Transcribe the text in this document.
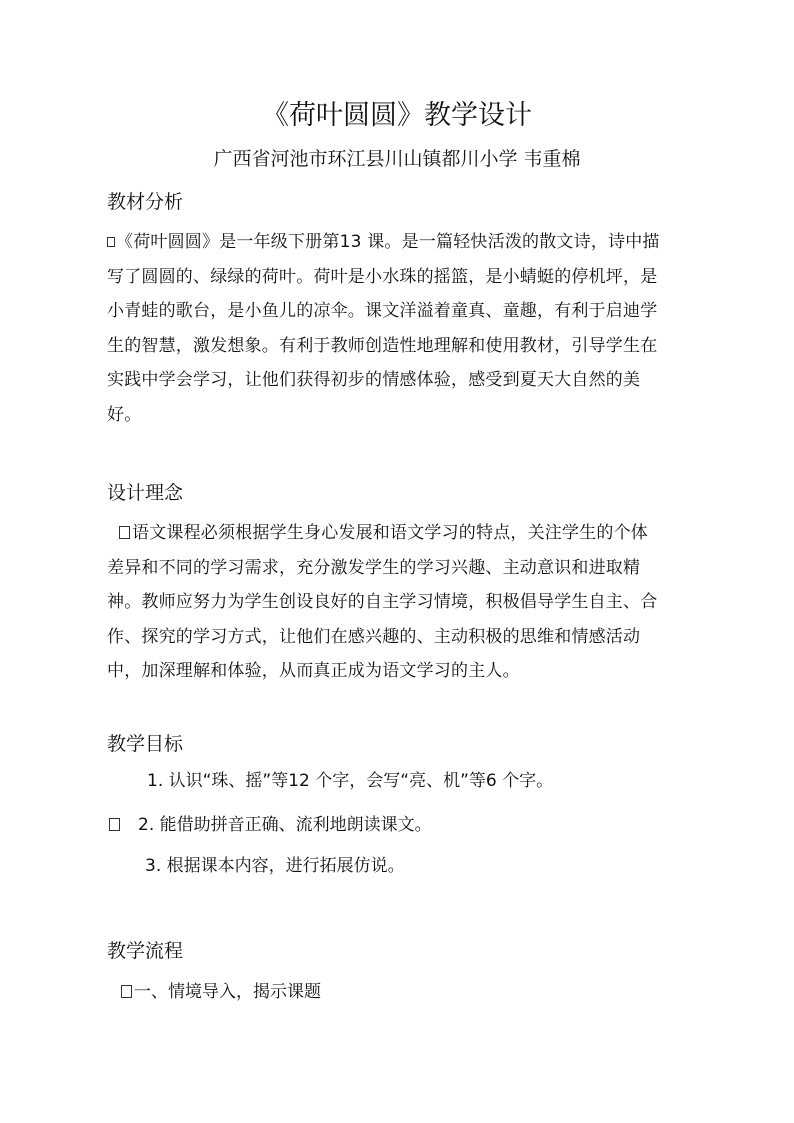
《荷叶圆圆》教学设计
广西省河池市环江县川山镇都川小学 韦重棉
教材分析
《荷叶圆圆》是一年级下册第13 课。是一篇轻快活泼的散文诗，诗中描
写了圆圆的、绿绿的荷叶。荷叶是小水珠的摇篮，是小蜻蜓的停机坪，是
小青蛙的歌台，是小鱼儿的凉伞。课文洋溢着童真、童趣，有利于启迪学
生的智慧，激发想象。有利于教师创造性地理解和使用教材，引导学生在
实践中学会学习，让他们获得初步的情感体验，感受到夏天大自然的美
好。
设计理念
语文课程必须根据学生身心发展和语文学习的特点，关注学生的个体
差异和不同的学习需求，充分激发学生的学习兴趣、主动意识和进取精
神。教师应努力为学生创设良好的自主学习情境，积极倡导学生自主、合
作、探究的学习方式，让他们在感兴趣的、主动积极的思维和情感活动
中，加深理解和体验，从而真正成为语文学习的主人。
教学目标
1. 认识“珠、摇”等12 个字，会写“亮、机”等6 个字。
2. 能借助拼音正确、流利地朗读课文。
3. 根据课本内容，进行拓展仿说。
教学流程
一、情境导入，揭示课题
